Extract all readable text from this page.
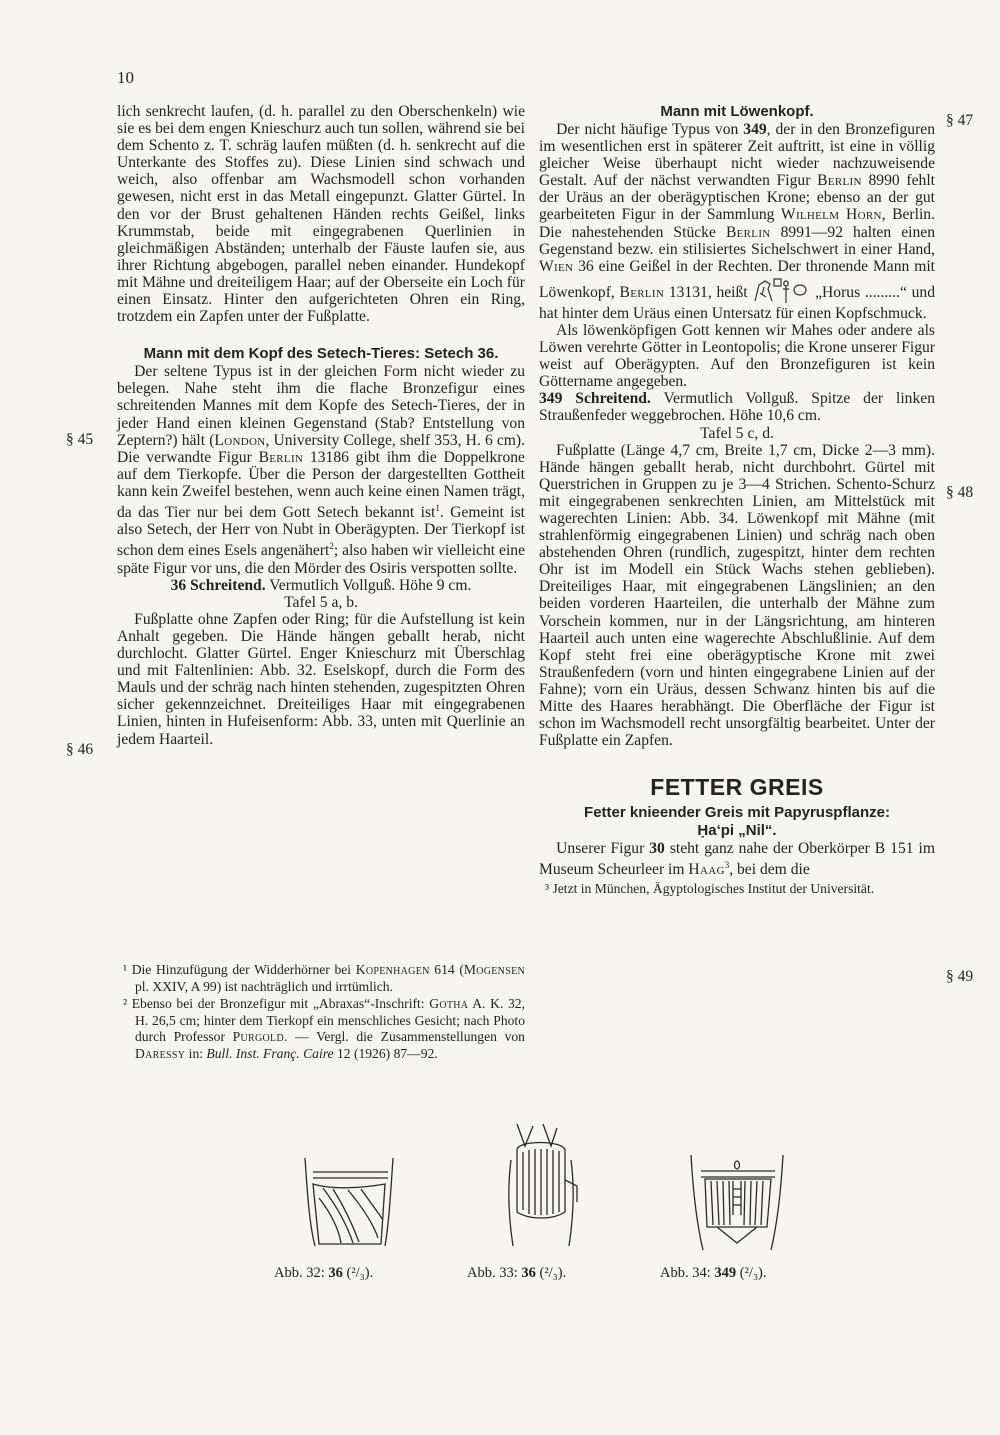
10

lich senkrecht laufen, (d. h. parallel zu den Oberschenkeln) wie sie es bei dem engen Knieschurz auch tun sollen, während sie bei dem Schento z. T. schräg laufen müßten (d. h. senkrecht auf die Unterkante des Stoffes zu). Diese Linien sind schwach und weich, also offenbar am Wachsmodell schon vorhanden gewesen, nicht erst in das Metall eingepunzt. Glatter Gürtel. In den vor der Brust gehaltenen Händen rechts Geißel, links Krummstab, beide mit eingegrabenen Querlinien in gleichmäßigen Abständen; unterhalb der Fäuste laufen sie, aus ihrer Richtung abgebogen, parallel neben einander. Hundekopf mit Mähne und dreiteiligem Haar; auf der Oberseite ein Loch für einen Einsatz. Hinter den aufgerichteten Ohren ein Ring, trotzdem ein Zapfen unter der Fußplatte.

Mann mit dem Kopf des Setech-Tieres: Setech 36.

Der seltene Typus ist in der gleichen Form nicht wieder zu belegen. Nahe steht ihm die flache Bronzefigur eines schreitenden Mannes mit dem Kopfe des Setech-Tieres, der in jeder Hand einen kleinen Gegenstand (Stab? Entstellung von Zeptern?) hält (London, University College, shelf 353, H. 6 cm). Die verwandte Figur Berlin 13186 gibt ihm die Doppelkrone auf dem Tierkopfe. Über die Person der dargestellten Gottheit kann kein Zweifel bestehen, wenn auch keine einen Namen trägt, da das Tier nur bei dem Gott Setech bekannt ist$^1$. Gemeint ist also Setech, der Herr von Nubt in Oberägypten. Der Tierkopf ist schon dem eines Esels angenähert$^2$; also haben wir vielleicht eine späte Figur vor uns, die den Mörder des Osiris verspotten sollte.

36 Schreitend. Vermutlich Vollguß. Höhe 9 cm.
Tafel 5 a, b.

Fußplatte ohne Zapfen oder Ring; für die Aufstellung ist kein Anhalt gegeben. Die Hände hängen geballt herab, nicht durchlocht. Glatter Gürtel. Enger Knieschurz mit Überschlag und mit Faltenlinien: Abb. 32. Eselskopf, durch die Form des Mauls und der schräg nach hinten stehenden, zugespitzten Ohren sicher gekennzeichnet. Dreiteiliges Haar mit eingegrabenen Linien, hinten in Hufeisenform: Abb. 33, unten mit Querlinie an jedem Haarteil.

§ 45
§ 46

¹ Die Hinzufügung der Widderhörner bei Kopenhagen 614 (Mogensen pl. XXIV, A 99) ist nachträglich und irrtümlich.

² Ebenso bei der Bronzefigur mit „Abraxas“-Inschrift: Gotha A. K. 32, H. 26,5 cm; hinter dem Tierkopf ein menschliches Gesicht; nach Photo durch Professor Purgold. — Vergl. die Zusammenstellungen von Daressy in: Bull. Inst. Franç. Caire 12 (1926) 87—92.

Mann mit Löwenkopf.

Der nicht häufige Typus von 349, der in den Bronzefiguren im wesentlichen erst in späterer Zeit auftritt, ist eine in völlig gleicher Weise überhaupt nicht wieder nachzuweisende Gestalt. Auf der nächst verwandten Figur Berlin 8990 fehlt der Uräus an der oberägyptischen Krone; ebenso an der gut gearbeiteten Figur in der Sammlung Wilhelm Horn, Berlin. Die nahestehenden Stücke Berlin 8991—92 halten einen Gegenstand bezw. ein stilisiertes Sichelschwert in einer Hand, Wien 36 eine Geißel in der Rechten. Der thronende Mann mit Löwenkopf, Berlin 13131, heißt	„Horus .........“ und hat hinter dem Uräus einen Untersatz für einen Kopfschmuck.

Als löwenköpfigen Gott kennen wir Mahes oder andere als Löwen verehrte Götter in Leontopolis; die Krone unserer Figur weist auf Oberägypten. Auf den Bronzefiguren ist kein Göttername angegeben.
349 Schreitend. Vermutlich Vollguß. Spitze der linken Straußenfeder weggebrochen. Höhe 10,6 cm.

Tafel 5 c, d.

Fußplatte (Länge 4,7 cm, Breite 1,7 cm, Dicke 2—3 mm). Hände hängen geballt herab, nicht durchbohrt. Gürtel mit Querstrichen in Gruppen zu je 3—4 Strichen. Schento-Schurz mit eingegrabenen senkrechten Linien, am Mittelstück mit wagerechten Linien: Abb. 34. Löwenkopf mit Mähne (mit strahlenförmig eingegrabenen Linien) und schräg nach oben abstehenden Ohren (rundlich, zugespitzt, hinter dem rechten Ohr ist im Modell ein Stück Wachs stehen geblieben). Dreiteiliges Haar, mit eingegrabenen Längslinien; an den beiden vorderen Haarteilen, die unterhalb der Mähne zum Vorschein kommen, nur in der Längsrichtung, am hinteren Haarteil auch unten eine wagerechte Abschlußlinie. Auf dem Kopf steht frei eine oberägyptische Krone mit zwei Straußenfedern (vorn und hinten eingegrabene Linien auf der Fahne); vorn ein Uräus, dessen Schwanz hinten bis auf die Mitte des Haares herabhängt. Die Oberfläche der Figur ist schon im Wachsmodell recht unsorgfältig bearbeitet. Unter der Fußplatte ein Zapfen.

FETTER GREIS
Fetter knieender Greis mit Papyruspflanze:
Ḥa‘pi „Nil“.

Unserer Figur 30 steht ganz nahe der Oberkörper B 151 im Museum Scheurleer im Haag$^3$, bei dem die

³ Jetzt in München, Ägyptologisches Institut der Universität.

§ 47
§ 48
§ 49
Abb. 32: 36 (²/₃).	Abb. 33: 36 (²/₃).	Abb. 34: 349 (²/₃).
